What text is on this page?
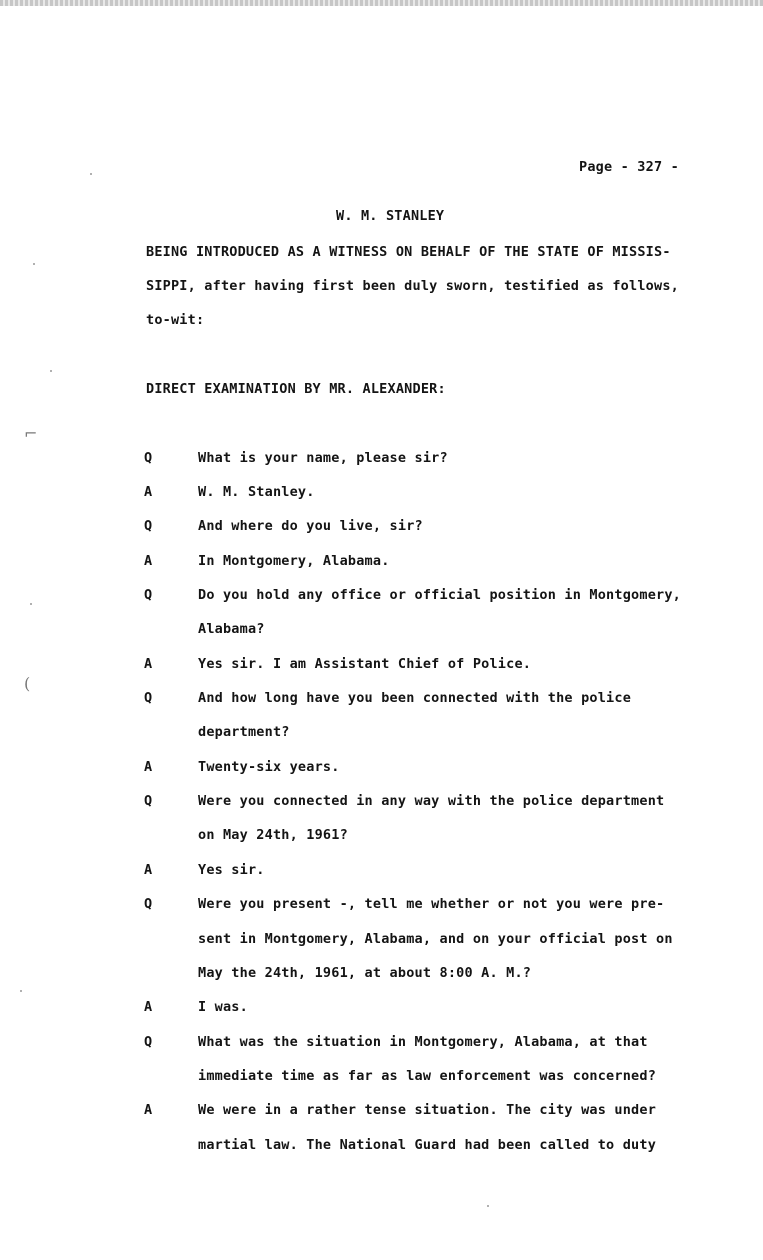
Page - 327 -
W. M. STANLEY
BEING INTRODUCED AS A WITNESS ON BEHALF OF THE STATE OF MISSIS-
SIPPI, after having first been duly sworn, testified as follows,
to-wit:
DIRECT EXAMINATION BY MR. ALEXANDER:
Q	What is your name, please sir?
A	W. M. Stanley.
Q	And where do you live, sir?
A	In Montgomery, Alabama.
Q	Do you hold any office or official position in Montgomery,
Alabama?
A	Yes sir. I am Assistant Chief of Police.
Q	And how long have you been connected with the police
department?
A	Twenty-six years.
Q	Were you connected in any way with the police department
on May 24th, 1961?
A	Yes sir.
Q	Were you present -, tell me whether or not you were pre-
sent in Montgomery, Alabama, and on your official post on
May the 24th, 1961, at about 8:00 A. M.?
A	I was.
Q	What was the situation in Montgomery, Alabama, at that
immediate time as far as law enforcement was concerned?
A	We were in a rather tense situation. The city was under
martial law. The National Guard had been called to duty
⌐
(
